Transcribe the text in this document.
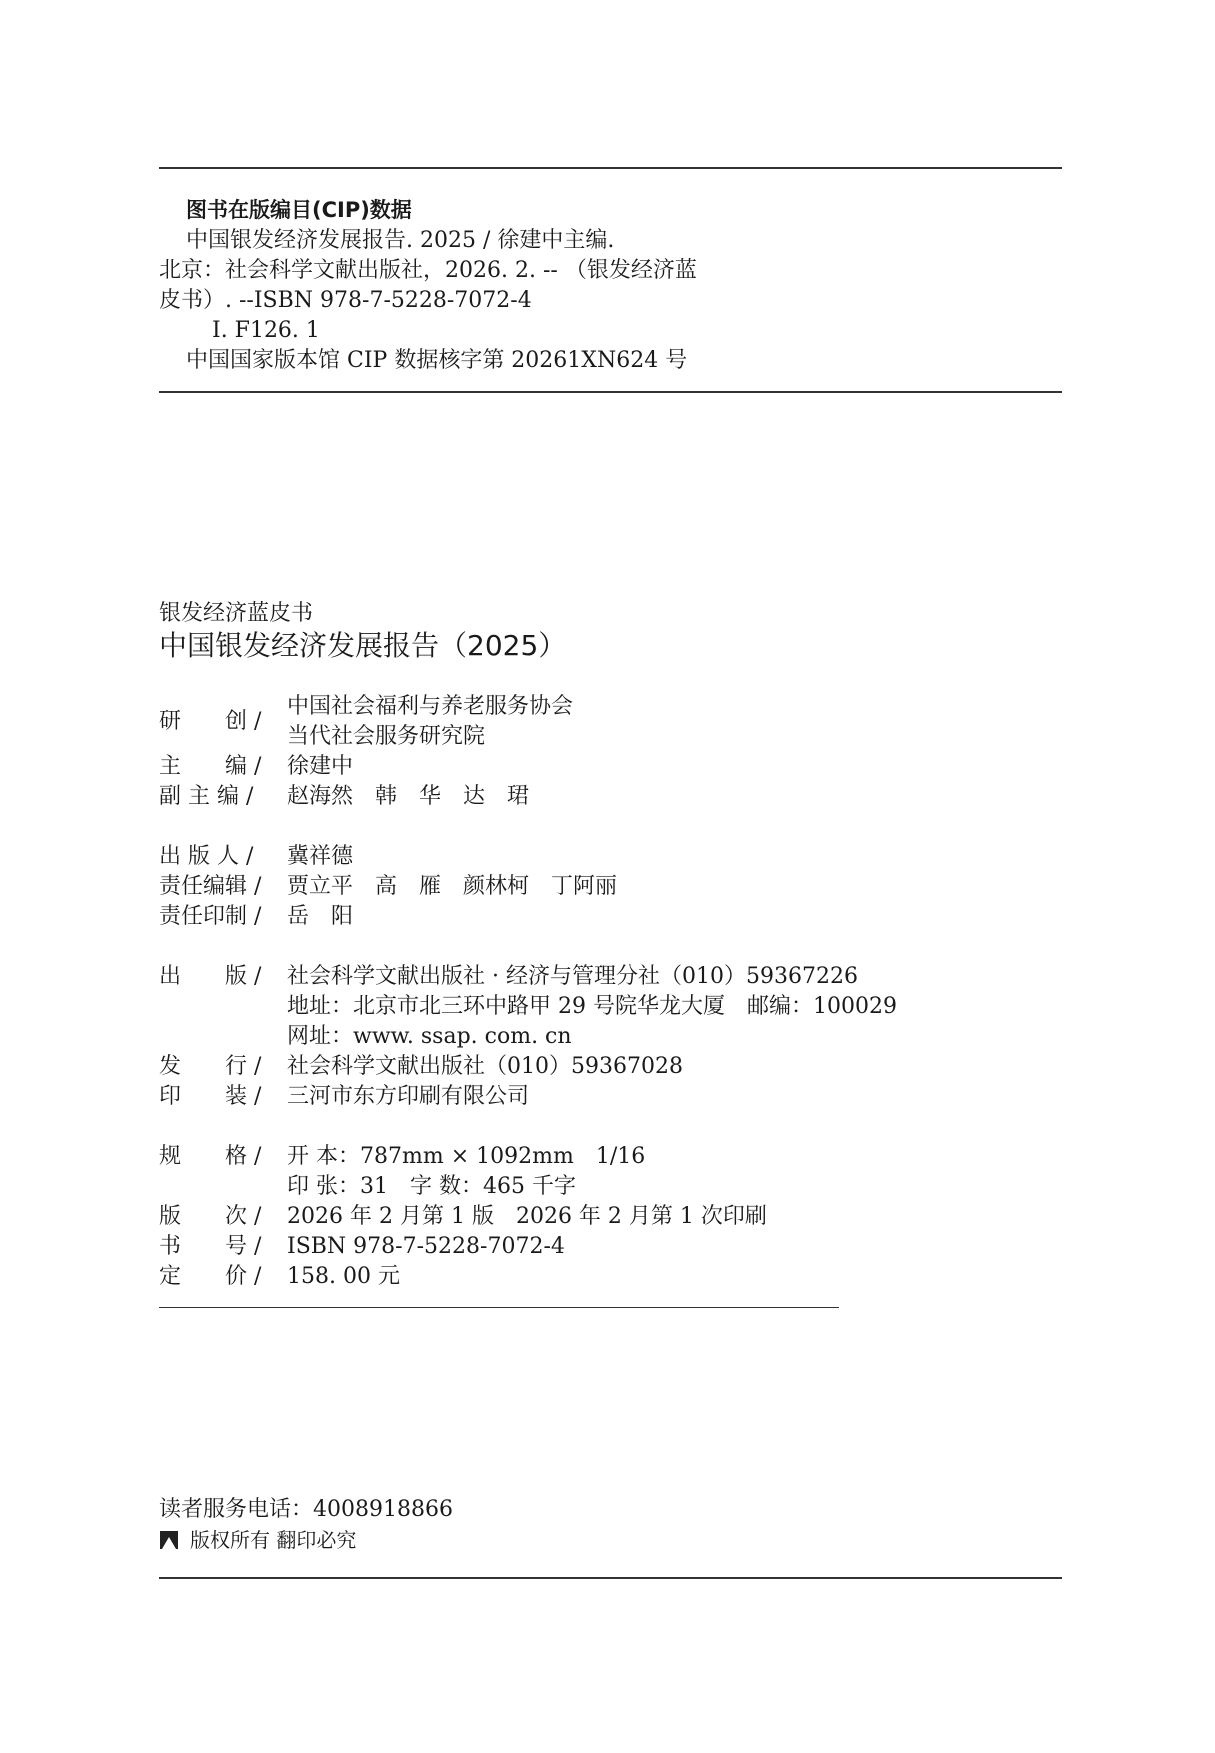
图书在版编目(CIP)数据
中国银发经济发展报告. 2025 / 徐建中主编.
北京：社会科学文献出版社，2026. 2. -- （银发经济蓝
皮书）. --ISBN 978-7-5228-7072-4
Ⅰ. F126. 1
中国国家版本馆 CIP 数据核字第 20261XN624 号
银发经济蓝皮书
中国银发经济发展报告（2025）
研　　创 /
中国社会福利与养老服务协会
当代社会服务研究院
主　　编 / 徐建中
副 主 编 / 赵海然　韩　华　达　珺
出 版 人 / 冀祥德
责任编辑 / 贾立平　高　雁　颜林柯　丁阿丽
责任印制 / 岳　阳
出　　版 / 社会科学文献出版社 · 经济与管理分社（010）59367226
地址：北京市北三环中路甲 29 号院华龙大厦　邮编：100029
网址：www. ssap. com. cn
发　　行 / 社会科学文献出版社（010）59367028
印　　装 / 三河市东方印刷有限公司
规　　格 / 开 本：787mm × 1092mm　1/16
印 张：31　字 数：465 千字
版　　次 / 2026 年 2 月第 1 版　2026 年 2 月第 1 次印刷
书　　号 / ISBN 978-7-5228-7072-4
定　　价 / 158. 00 元
读者服务电话：4008918866
版权所有 翻印必究
